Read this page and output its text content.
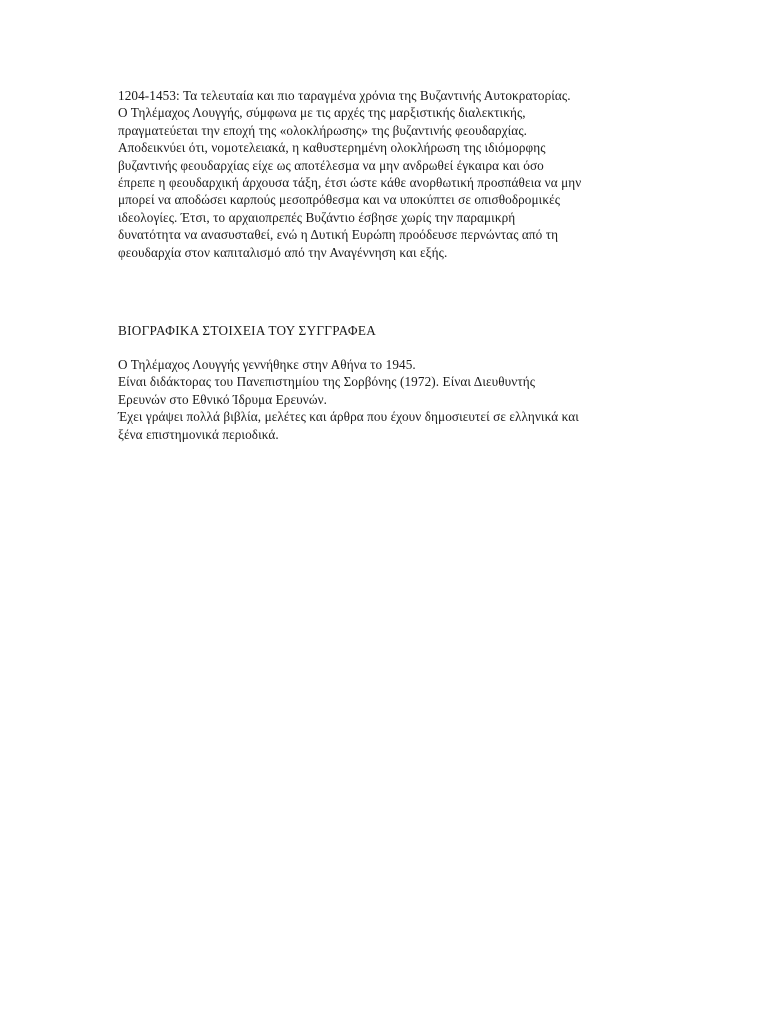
1204-1453: Τα τελευταία και πιο ταραγμένα χρόνια της Βυζαντινής Αυτοκρατορίας.
Ο Τηλέμαχος Λουγγής, σύμφωνα με τις αρχές της μαρξιστικής διαλεκτικής,
πραγματεύεται την εποχή της «ολοκλήρωσης» της βυζαντινής φεουδαρχίας.
Αποδεικνύει ότι, νομοτελειακά, η καθυστερημένη ολοκλήρωση της ιδιόμορφης
βυζαντινής φεουδαρχίας είχε ως αποτέλεσμα να μην ανδρωθεί έγκαιρα και όσο
έπρεπε η φεουδαρχική άρχουσα τάξη, έτσι ώστε κάθε ανορθωτική προσπάθεια να μην
μπορεί να αποδώσει καρπούς μεσοπρόθεσμα και να υποκύπτει σε οπισθοδρομικές
ιδεολογίες. Έτσι, το αρχαιοπρεπές Βυζάντιο έσβησε χωρίς την παραμικρή
δυνατότητα να ανασυσταθεί, ενώ η Δυτική Ευρώπη προόδευσε περνώντας από τη
φεουδαρχία στον καπιταλισμό από την Αναγέννηση και εξής.
ΒΙΟΓΡΑΦΙΚΑ ΣΤΟΙΧΕΙΑ ΤΟΥ ΣΥΓΓΡΑΦΕΑ
Ο Τηλέμαχος Λουγγής γεννήθηκε στην Αθήνα το 1945.
Είναι διδάκτορας του Πανεπιστημίου της Σορβόνης (1972). Είναι Διευθυντής
Ερευνών στο Εθνικό Ίδρυμα Ερευνών.
Έχει γράψει πολλά βιβλία, μελέτες και άρθρα που έχουν δημοσιευτεί σε ελληνικά και
ξένα επιστημονικά περιοδικά.
